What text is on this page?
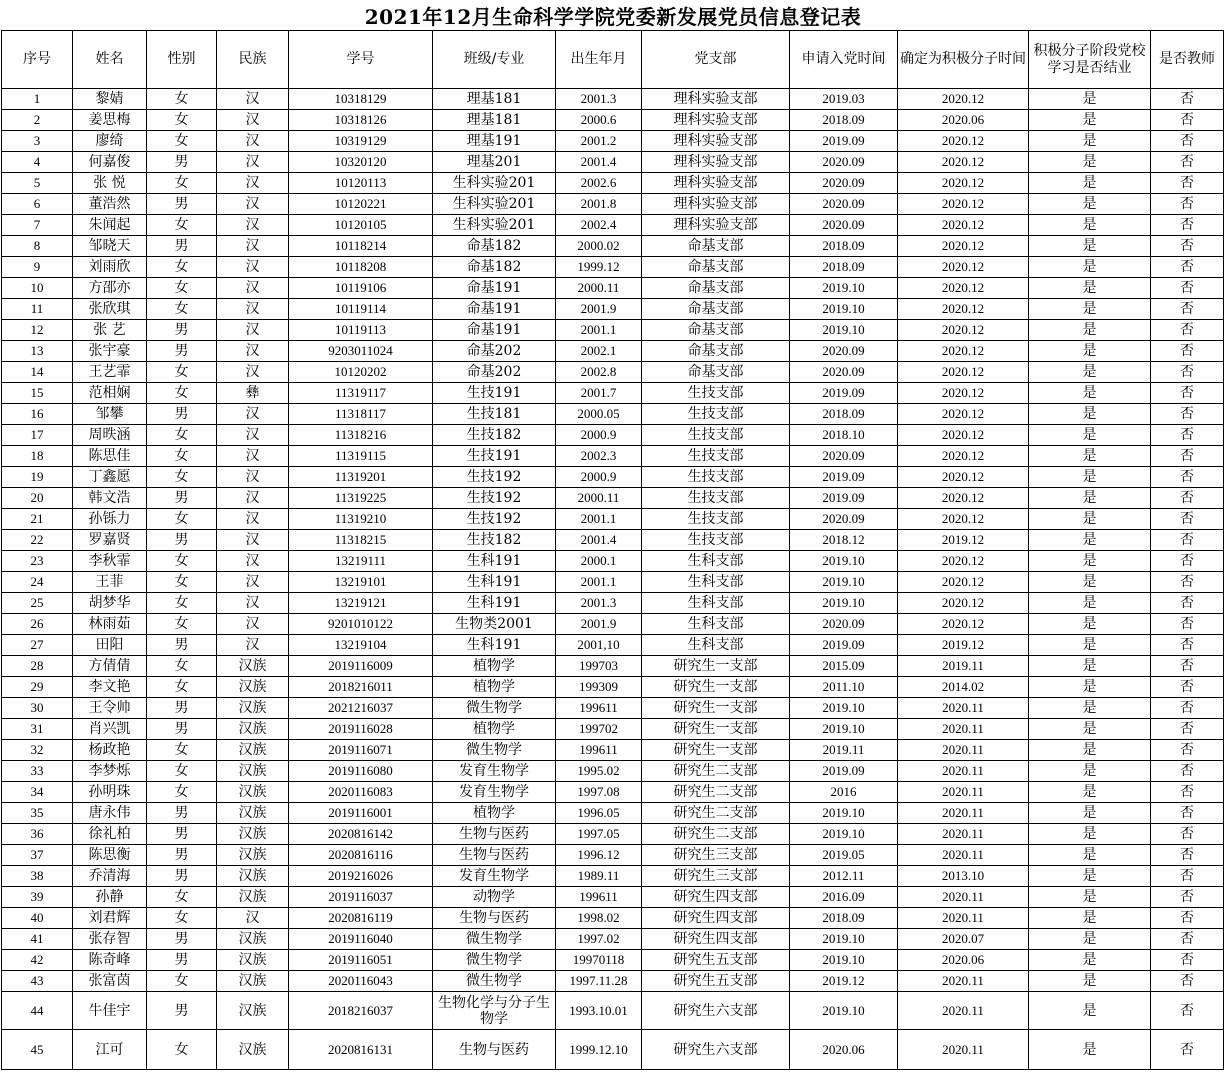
2021年12月生命科学学院党委新发展党员信息登记表
序号	姓名	性别	民族	学号	班级/专业	出生年月	党支部	申请入党时间	确定为积极分子时间	积极分子阶段党校学习是否结业	是否教师
1	黎婧	女	汉	10318129	理基181	2001.3	理科实验支部	2019.03	2020.12	是	否
2	姜思梅	女	汉	10318126	理基181	2000.6	理科实验支部	2018.09	2020.06	是	否
3	廖绮	女	汉	10319129	理基191	2001.2	理科实验支部	2019.09	2020.12	是	否
4	何嘉俊	男	汉	10320120	理基201	2001.4	理科实验支部	2020.09	2020.12	是	否
5	张 悦	女	汉	10120113	生科实验201	2002.6	理科实验支部	2020.09	2020.12	是	否
6	董浩然	男	汉	10120221	生科实验201	2001.8	理科实验支部	2020.09	2020.12	是	否
7	朱闻起	女	汉	10120105	生科实验201	2002.4	理科实验支部	2020.09	2020.12	是	否
8	邹晓天	男	汉	10118214	命基182	2000.02	命基支部	2018.09	2020.12	是	否
9	刘雨欣	女	汉	10118208	命基182	1999.12	命基支部	2018.09	2020.12	是	否
10	方邵亦	女	汉	10119106	命基191	2000.11	命基支部	2019.10	2020.12	是	否
11	张欣琪	女	汉	10119114	命基191	2001.9	命基支部	2019.10	2020.12	是	否
12	张 艺	男	汉	10119113	命基191	2001.1	命基支部	2019.10	2020.12	是	否
13	张宇豪	男	汉	9203011024	命基202	2002.1	命基支部	2020.09	2020.12	是	否
14	王艺霏	女	汉	10120202	命基202	2002.8	命基支部	2020.09	2020.12	是	否
15	范相娴	女	彝	11319117	生技191	2001.7	生技支部	2019.09	2020.12	是	否
16	邹攀	男	汉	11318117	生技181	2000.05	生技支部	2018.09	2020.12	是	否
17	周昳涵	女	汉	11318216	生技182	2000.9	生技支部	2018.10	2020.12	是	否
18	陈思佳	女	汉	11319115	生技191	2002.3	生技支部	2020.09	2020.12	是	否
19	丁鑫愿	女	汉	11319201	生技192	2000.9	生技支部	2019.09	2020.12	是	否
20	韩文浩	男	汉	11319225	生技192	2000.11	生技支部	2019.09	2020.12	是	否
21	孙铄力	女	汉	11319210	生技192	2001.1	生技支部	2020.09	2020.12	是	否
22	罗嘉贤	男	汉	11318215	生技182	2001.4	生技支部	2018.12	2019.12	是	否
23	李秋霏	女	汉	13219111	生科191	2000.1	生科支部	2019.10	2020.12	是	否
24	王菲	女	汉	13219101	生科191	2001.1	生科支部	2019.10	2020.12	是	否
25	胡梦华	女	汉	13219121	生科191	2001.3	生科支部	2019.10	2020.12	是	否
26	林雨茹	女	汉	9201010122	生物类2001	2001.9	生科支部	2020.09	2020.12	是	否
27	田阳	男	汉	13219104	生科191	2001,10	生科支部	2019.09	2019.12	是	否
28	方倩倩	女	汉族	2019116009	植物学	199703	研究生一支部	2015.09	2019.11	是	否
29	李文艳	女	汉族	2018216011	植物学	199309	研究生一支部	2011.10	2014.02	是	否
30	王令帅	男	汉族	2021216037	微生物学	199611	研究生一支部	2019.10	2020.11	是	否
31	肖兴凯	男	汉族	2019116028	植物学	199702	研究生一支部	2019.10	2020.11	是	否
32	杨政艳	女	汉族	2019116071	微生物学	199611	研究生一支部	2019.11	2020.11	是	否
33	李梦烁	女	汉族	2019116080	发育生物学	1995.02	研究生二支部	2019.09	2020.11	是	否
34	孙明珠	女	汉族	2020116083	发育生物学	1997.08	研究生二支部	2016	2020.11	是	否
35	唐永伟	男	汉族	2019116001	植物学	1996.05	研究生二支部	2019.10	2020.11	是	否
36	徐礼柏	男	汉族	2020816142	生物与医药	1997.05	研究生二支部	2019.10	2020.11	是	否
37	陈思衡	男	汉族	2020816116	生物与医药	1996.12	研究生三支部	2019.05	2020.11	是	否
38	乔清海	男	汉族	2019216026	发育生物学	1989.11	研究生三支部	2012.11	2013.10	是	否
39	孙静	女	汉族	2019116037	动物学	199611	研究生四支部	2016.09	2020.11	是	否
40	刘君辉	女	汉	2020816119	生物与医药	1998.02	研究生四支部	2018.09	2020.11	是	否
41	张存智	男	汉族	2019116040	微生物学	1997.02	研究生四支部	2019.10	2020.07	是	否
42	陈奇峰	男	汉族	2019116051	微生物学	19970118	研究生五支部	2019.10	2020.06	是	否
43	张富茵	女	汉族	2020116043	微生物学	1997.11.28	研究生五支部	2019.12	2020.11	是	否
44	牛佳宇	男	汉族	2018216037	生物化学与分子生物学	1993.10.01	研究生六支部	2019.10	2020.11	是	否
45	江可	女	汉族	2020816131	生物与医药	1999.12.10	研究生六支部	2020.06	2020.11	是	否
